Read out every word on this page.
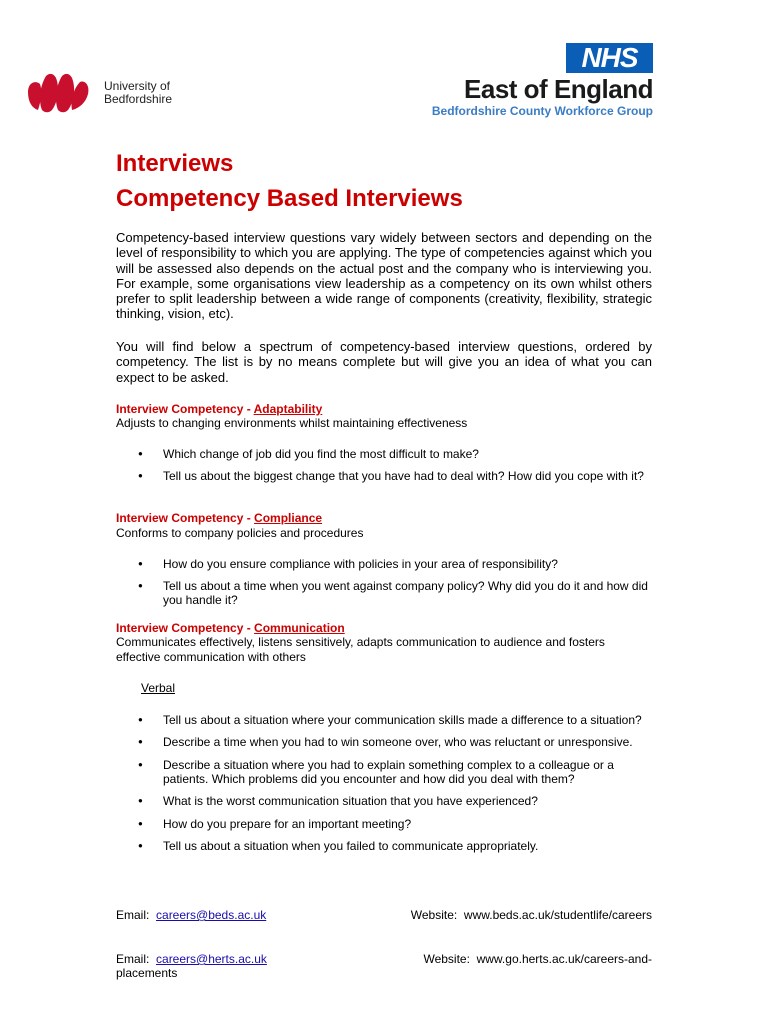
University of
Bedfordshire
NHS
East of England
Bedfordshire County Workforce Group
Interviews
Competency Based Interviews

Competency-based interview questions vary widely between sectors and depending on the level of responsibility to which you are applying. The type of competencies against which you will be assessed also depends on the actual post and the company who is interviewing you. For example, some organisations view leadership as a competency on its own whilst others prefer to split leadership between a wide range of components (creativity, flexibility, strategic thinking, vision, etc).

You will find below a spectrum of competency-based interview questions, ordered by competency. The list is by no means complete but will give you an idea of what you can expect to be asked.

Interview Competency - Adaptability
Adjusts to changing environments whilst maintaining effectiveness
● Which change of job did you find the most difficult to make?
● Tell us about the biggest change that you have had to deal with? How did you cope with it?
Interview Competency - Compliance
Conforms to company policies and procedures
● How do you ensure compliance with policies in your area of responsibility?
● Tell us about a time when you went against company policy? Why did you do it and how did you handle it?
Interview Competency - Communication
Communicates effectively, listens sensitively, adapts communication to audience and fosters effective communication with others
Verbal
● Tell us about a situation where your communication skills made a difference to a situation?
● Describe a time when you had to win someone over, who was reluctant or unresponsive.
● Describe a situation where you had to explain something complex to a colleague or a patients. Which problems did you encounter and how did you deal with them?
● What is the worst communication situation that you have experienced?
● How do you prepare for an important meeting?
● Tell us about a situation when you failed to communicate appropriately.
Email: careers@beds.ac.uk	Website: www.beds.ac.uk/studentlife/careers
Email: careers@herts.ac.uk	Website: www.go.herts.ac.uk/careers-and-
placements
